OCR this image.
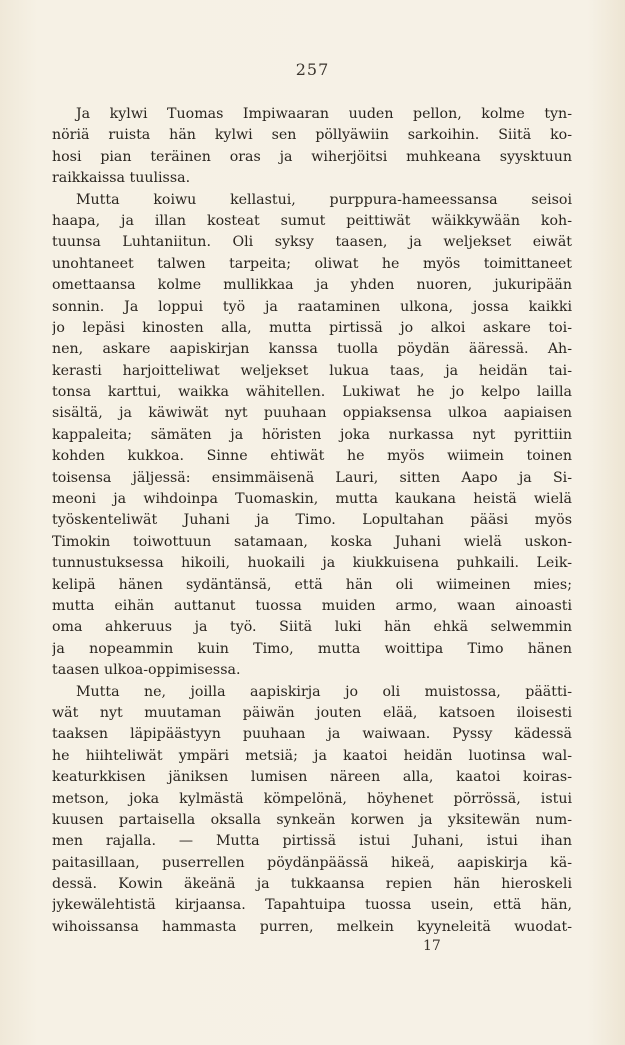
257
Ja kylwi Tuomas Impiwaaran uuden pellon, kolme tyn-
nöriä ruista hän kylwi sen pöllyäwiin sarkoihin. Siitä ko-
hosi pian teräinen oras ja wiherjöitsi muhkeana syysktuun
raikkaissa tuulissa.
Mutta koiwu kellastui, purppura-hameessansa seisoi
haapa, ja illan kosteat sumut peittiwät wäikkywään koh-
tuunsa Luhtaniitun. Oli syksy taasen, ja weljekset eiwät
unohtaneet talwen tarpeita; oliwat he myös toimittaneet
omettaansa kolme mullikkaa ja yhden nuoren, jukuripään
sonnin. Ja loppui työ ja raataminen ulkona, jossa kaikki
jo lepäsi kinosten alla, mutta pirtissä jo alkoi askare toi-
nen, askare aapiskirjan kanssa tuolla pöydän ääressä. Ah-
kerasti harjoitteliwat weljekset lukua taas, ja heidän tai-
tonsa karttui, waikka wähitellen. Lukiwat he jo kelpo lailla
sisältä, ja käwiwät nyt puuhaan oppiaksensa ulkoa aapiaisen
kappaleita; sämäten ja höristen joka nurkassa nyt pyrittiin
kohden kukkoa. Sinne ehtiwät he myös wiimein toinen
toisensa jäljessä: ensimmäisenä Lauri, sitten Aapo ja Si-
meoni ja wihdoinpa Tuomaskin, mutta kaukana heistä wielä
työskenteliwät Juhani ja Timo. Lopultahan pääsi myös
Timokin toiwottuun satamaan, koska Juhani wielä uskon-
tunnustuksessa hikoili, huokaili ja kiukkuisena puhkaili. Leik-
kelipä hänen sydäntänsä, että hän oli wiimeinen mies;
mutta eihän auttanut tuossa muiden armo, waan ainoasti
oma ahkeruus ja työ. Siitä luki hän ehkä selwemmin
ja nopeammin kuin Timo, mutta woittipa Timo hänen
taasen ulkoa-oppimisessa.
Mutta ne, joilla aapiskirja jo oli muistossa, päätti-
wät nyt muutaman päiwän jouten elää, katsoen iloisesti
taaksen läpipäästyyn puuhaan ja waiwaan. Pyssy kädessä
he hiihteliwät ympäri metsiä; ja kaatoi heidän luotinsa wal-
keaturkkisen jäniksen lumisen näreen alla, kaatoi koiras-
metson, joka kylmästä kömpelönä, höyhenet pörrössä, istui
kuusen partaisella oksalla synkeän korwen ja yksitewän num-
men rajalla. — Mutta pirtissä istui Juhani, istui ihan
paitasillaan, puserrellen pöydänpäässä hikeä, aapiskirja kä-
dessä. Kowin äkeänä ja tukkaansa repien hän hieroskeli
jykewälehtistä kirjaansa. Tapahtuipa tuossa usein, että hän,
wihoissansa hammasta purren, melkein kyyneleitä wuodat-
17
